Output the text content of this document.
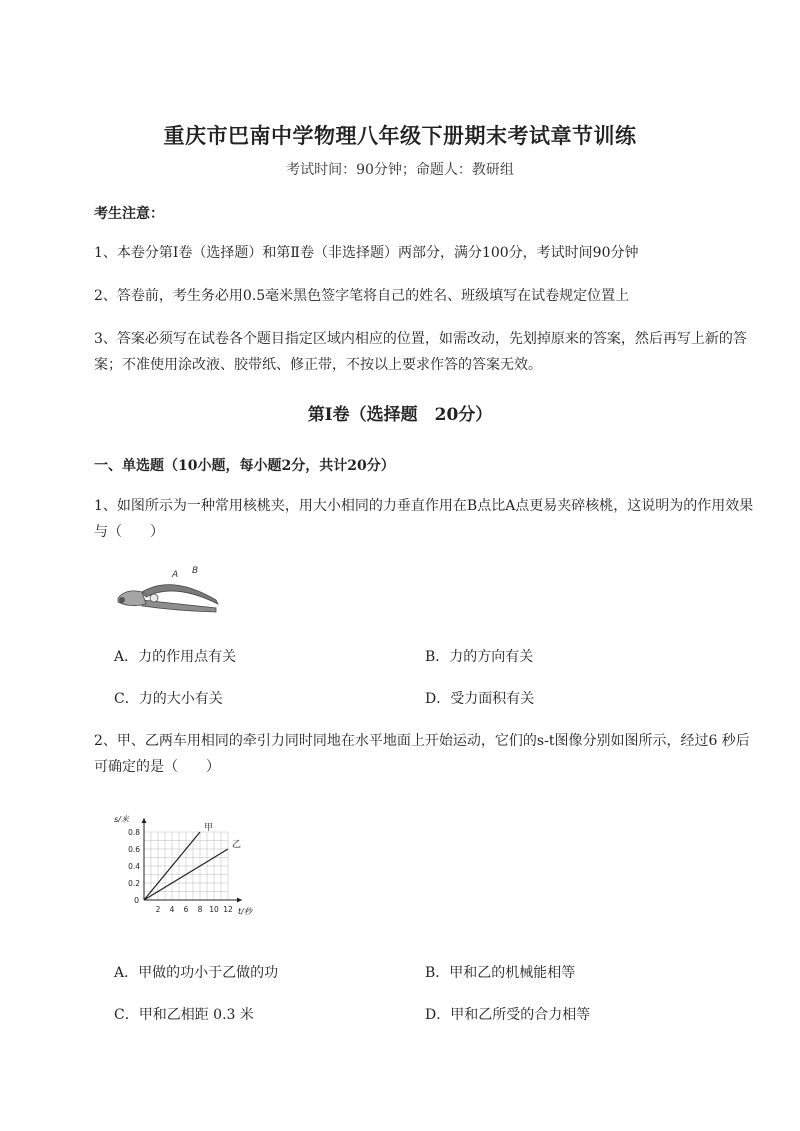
重庆市巴南中学物理八年级下册期末考试章节训练
考试时间：90分钟；命题人：教研组
考生注意：
1、本卷分第I卷（选择题）和第Ⅱ卷（非选择题）两部分，满分100分，考试时间90分钟
2、答卷前，考生务必用0.5毫米黑色签字笔将自己的姓名、班级填写在试卷规定位置上
3、答案必须写在试卷各个题目指定区域内相应的位置，如需改动，先划掉原来的答案，然后再写上新的答案；不准使用涂改液、胶带纸、修正带，不按以上要求作答的答案无效。
第I卷（选择题　20分）
一、单选题（10小题，每小题2分，共计20分）
1、如图所示为一种常用核桃夹，用大小相同的力垂直作用在B点比A点更易夹碎核桃，这说明为的作用效果与（　　）
A B
A．力的作用点有关	B．力的方向有关
C．力的大小有关	D．受力面积有关
2、甲、乙两车用相同的牵引力同时同地在水平地面上开始运动，它们的s-t图像分别如图所示，经过6 秒后可确定的是（　　）
s/米
t/秒
0
2 4 6 8 10 12
0.2
0.4
0.6
0.8	甲
乙
A．甲做的功小于乙做的功	B．甲和乙的机械能相等
C．甲和乙相距 0.3 米	D．甲和乙所受的合力相等
